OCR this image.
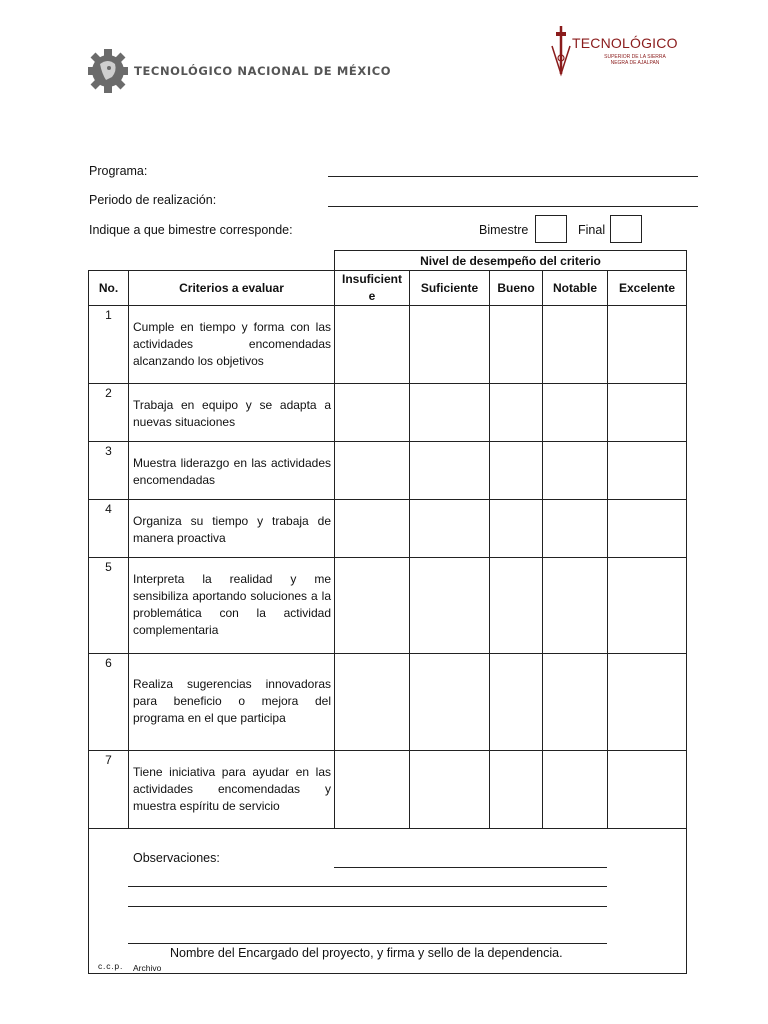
TECNOLÓGICO NACIONAL DE MÉXICO
TECNOLÓGICO
SUPERIOR DE LA SIERRA NEGRA DE AJALPAN
Programa:
Periodo de realización:
Indique a que bimestre corresponde:	Bimestre	Final
		Nivel de desempeño del criterio				
No.	Criterios a evaluar	Insuficiente	Suficiente	Bueno	Notable	Excelente
1	Cumple en tiempo y forma con las actividades encomendadas alcanzando los objetivos					
2	Trabaja en equipo y se adapta a nuevas situaciones					
3	Muestra liderazgo en las actividades encomendadas					
4	Organiza su tiempo y trabaja de manera proactiva					
5	Interpreta la realidad y me sensibiliza aportando soluciones a la problemática con la actividad complementaria					
6	Realiza sugerencias innovadoras para beneficio o mejora del programa en el que participa					
7	Tiene iniciativa para ayudar en las actividades encomendadas y muestra espíritu de servicio					

Observaciones:
Nombre del Encargado del proyecto, y firma y sello de la dependencia.
c.c.p. Archivo
